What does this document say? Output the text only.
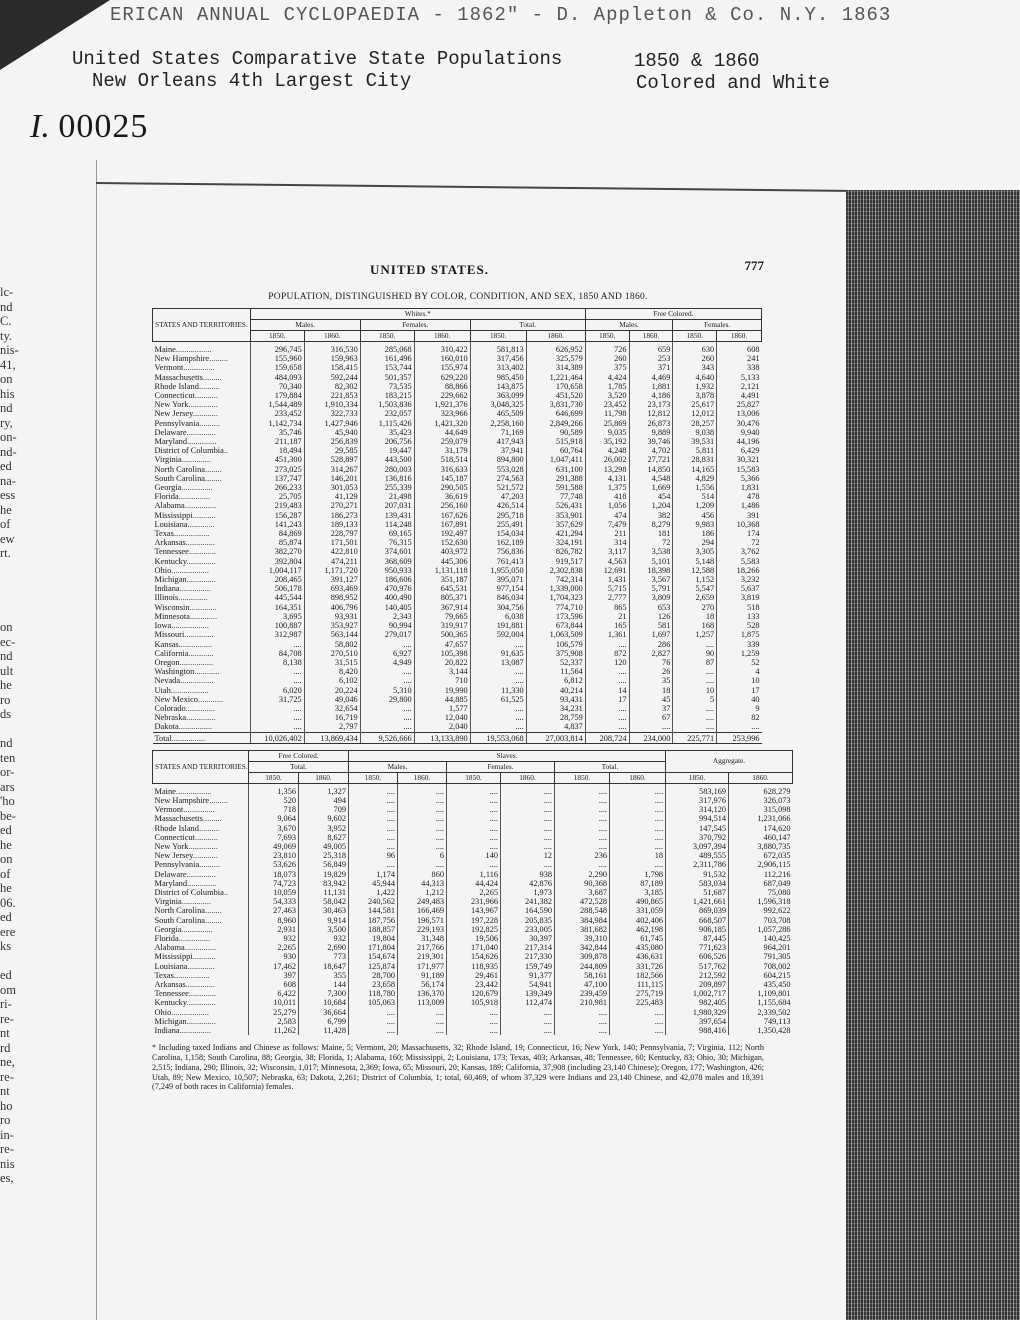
ERICAN ANNUAL CYCLOPAEDIA - 1862" - D. Appleton & Co. N.Y. 1863
United States Comparative State Populations
New Orleans 4th Largest City
1850 & 1860
Colored and White
I. 00025
lc-
nd
C.
ty.
nis-
41,
on
his
nd
ry,
on-
nd-
ed
na-
ess
he
of
ew
rt.
on
ec-
nd
ult
he
ro
ds
nd
ten
or-
ars
'ho
be-
ed
he
on
of
he
06.
ed
ere
ks
ed
om
ri-
re-
nt
rd
ne,
re-
nt
ho
ro
in-
re-
nis
es,
UNITED STATES.	777
POPULATION, DISTINGUISHED BY COLOR, CONDITION, AND SEX, 1850 AND 1860.
STATES AND TERRITORIES.	Whites.*						Free Colored.			
	Males.		Females.		Total.		Males.		Females.	
	1850.	1860.	1850.	1860.	1850.	1860.	1850.	1860.	1850.	1860.
Maine.................	296,745	316,530	285,068	310,422	581,813	626,952	726	659	630	608
New Hampshire.........	155,960	159,963	161,496	160,010	317,456	325,579	260	253	260	241
Vermont...............	159,658	158,415	153,744	155,974	313,402	314,389	375	371	343	338
Massachusetts.........	484,093	592,244	501,357	629,220	985,450	1,221,464	4,424	4,469	4,640	5,133
Rhode Island..........	70,340	82,302	73,535	88,866	143,875	170,658	1,785	1,881	1,932	2,121
Connecticut...........	179,884	221,853	183,215	229,662	363,099	451,520	3,520	4,186	3,878	4,491
New York..............	1,544,489	1,910,334	1,503,836	1,921,376	3,048,325	3,831,730	23,452	23,173	25,617	25,827
New Jersey............	233,452	322,733	232,057	323,966	465,509	646,699	11,798	12,812	12,012	13,006
Pennsylvania..........	1,142,734	1,427,946	1,115,426	1,421,320	2,258,160	2,849,266	25,869	26,873	28,257	30,476
Delaware..............	35,746	45,940	35,423	44,649	71,169	90,589	9,035	9,889	9,038	9,940
Maryland..............	211,187	256,839	206,756	259,079	417,943	515,918	35,192	39,746	39,531	44,196
District of Columbia..	18,494	29,585	19,447	31,179	37,941	60,764	4,248	4,702	5,811	6,429
Virginia..............	451,300	528,897	443,500	518,514	894,800	1,047,411	26,002	27,721	28,831	30,321
North Carolina........	273,025	314,267	280,003	316,633	553,028	631,100	13,298	14,850	14,165	15,583
South Carolina........	137,747	146,201	136,816	145,187	274,563	291,388	4,131	4,548	4,829	5,366
Georgia...............	266,233	301,053	255,339	290,505	521,572	591,588	1,375	1,669	1,556	1,831
Florida...............	25,705	41,129	21,498	36,619	47,203	77,748	418	454	514	478
Alabama...............	219,483	270,271	207,031	256,160	426,514	526,431	1,056	1,204	1,209	1,486
Mississippi...........	156,287	186,273	139,431	167,626	295,718	353,901	474	382	456	391
Louisiana.............	141,243	189,133	114,248	167,891	255,491	357,629	7,479	8,279	9,983	10,368
Texas.................	84,869	228,797	69,165	192,497	154,034	421,294	211	181	186	174
Arkansas..............	85,874	171,501	76,315	152,630	162,189	324,191	314	72	294	72
Tennessee.............	382,270	422,810	374,601	403,972	756,836	826,782	3,117	3,538	3,305	3,762
Kentucky..............	392,804	474,211	368,609	445,306	761,413	919,517	4,563	5,101	5,148	5,583
Ohio..................	1,004,117	1,171,720	950,933	1,131,118	1,955,050	2,302,838	12,691	18,398	12,588	18,266
Michigan..............	208,465	391,127	186,606	351,187	395,071	742,314	1,431	3,567	1,152	3,232
Indiana...............	506,178	693,469	470,976	645,531	977,154	1,339,000	5,715	5,791	5,547	5,637
Illinois..............	445,544	898,952	400,490	805,371	846,034	1,704,323	2,777	3,809	2,659	3,819
Wisconsin.............	164,351	406,796	140,405	367,914	304,756	774,710	865	653	270	518
Minnesota.............	3,695	93,931	2,343	79,665	6,038	173,596	21	126	18	133
Iowa..................	100,887	353,927	90,994	319,917	191,881	673,844	165	581	168	528
Missouri..............	312,987	563,144	279,017	500,365	592,004	1,063,509	1,361	1,697	1,257	1,875
Kansas................	....	58,802	....	47,657	....	106,579	....	286	....	339
California............	84,708	270,510	6,927	105,398	91,635	375,908	872	2,827	90	1,259
Oregon................	8,138	31,515	4,949	20,822	13,087	52,337	120	76	87	52
Washington............	....	8,420	....	3,144	....	11,564	....	26	....	4
Nevada................	....	6,102	....	710	....	6,812	....	35	....	10
Utah..................	6,020	20,224	5,310	19,990	11,330	40,214	14	18	10	17
New Mexico............	31,725	49,046	29,800	44,885	61,525	93,431	17	45	5	40
Colorado..............	....	32,654	....	1,577	....	34,231	....	37	....	9
Nebraska..............	....	16,719	....	12,040	....	28,759	....	67	....	82
Dakota................	....	2,797	....	2,040	....	4,837	....	....	....	....
Total................	10,026,402	13,869,434	9,526,666	13,133,890	19,553,068	27,003,814	208,724	234,000	225,771	253,996
STATES AND TERRITORIES.	Free Colored.		Slaves.						Aggregate.	
	Total.		Males.		Females.		Total.			
	1850.	1860.	1850.	1860.	1850.	1860.	1850.	1860.	1850.	1860.
Maine.................	1,356	1,327	....	....	....	....	....	....	583,169	628,279
New Hampshire.........	520	494	....	....	....	....	....	....	317,976	326,073
Vermont...............	718	709	....	....	....	....	....	....	314,120	315,098
Massachusetts.........	9,064	9,602	....	....	....	....	....	....	994,514	1,231,066
Rhode Island..........	3,670	3,952	....	....	....	....	....	....	147,545	174,620
Connecticut...........	7,693	8,627	....	....	....	....	....	....	370,792	460,147
New York..............	49,069	49,005	....	....	....	....	....	....	3,097,394	3,880,735
New Jersey............	23,810	25,318	96	6	140	12	236	18	489,555	672,035
Pennsylvania..........	53,626	56,849	....	....	....	....	....	....	2,311,786	2,906,115
Delaware..............	18,073	19,829	1,174	860	1,116	938	2,290	1,798	91,532	112,216
Maryland..............	74,723	83,942	45,944	44,313	44,424	42,876	90,368	87,189	583,034	687,049
District of Columbia..	10,059	11,131	1,422	1,212	2,265	1,973	3,687	3,185	51,687	75,080
Virginia..............	54,333	58,042	240,562	249,483	231,966	241,382	472,528	490,865	1,421,661	1,596,318
North Carolina........	27,463	30,463	144,581	166,469	143,967	164,590	288,548	331,059	869,039	992,622
South Carolina........	8,960	9,914	187,756	196,571	197,228	205,835	384,984	402,406	668,507	703,708
Georgia...............	2,931	3,500	188,857	229,193	192,825	233,005	381,682	462,198	906,185	1,057,286
Florida...............	932	932	19,804	31,348	19,506	30,397	39,310	61,745	87,445	140,425
Alabama...............	2,265	2,690	171,804	217,766	171,040	217,314	342,844	435,080	771,623	964,201
Mississippi...........	930	773	154,674	219,301	154,626	217,330	309,878	436,631	606,526	791,305
Louisiana.............	17,462	18,647	125,874	171,977	118,935	159,749	244,809	331,726	517,762	708,002
Texas.................	397	355	28,700	91,189	29,461	91,377	58,161	182,566	212,592	604,215
Arkansas..............	608	144	23,658	56,174	23,442	54,941	47,100	111,115	209,897	435,450
Tennessee.............	6,422	7,300	118,780	136,370	120,679	139,349	239,459	275,719	1,002,717	1,109,801
Kentucky..............	10,011	10,684	105,063	113,009	105,918	112,474	210,981	225,483	982,405	1,155,684
Ohio..................	25,279	36,664	....	....	....	....	....	....	1,980,329	2,339,502
Michigan..............	2,583	6,799	....	....	....	....	....	....	397,654	749,113
Indiana...............	11,262	11,428	....	....	....	....	....	....	988,416	1,350,428

* Including taxed Indians and Chinese as follows: Maine, 5; Vermont, 20; Massachusetts, 32; Rhode Island, 19; Connecticut, 16; New York, 140; Pennsylvania, 7; Virginia, 112; North Carolina, 1,158; South Carolina, 88; Georgia, 38; Florida, 1; Alabama, 160; Mississippi, 2; Louisiana, 173; Texas, 403; Arkansas, 48; Tennessee, 60; Kentucky, 83; Ohio, 30; Michigan, 2,515; Indiana, 290; Illinois, 32; Wisconsin, 1,017; Minnesota, 2,369; Iowa, 65; Missouri, 20; Kansas, 189; California, 37,908 (including 23,140 Chinese); Oregon, 177; Washington, 426; Utah, 89; New Mexico, 10,507; Nebraska, 63; Dakota, 2,261; District of Columbia, 1; total, 60,469, of whom 37,329 were Indians and 23,140 Chinese, and 42,078 males and 18,391 (7,249 of both races in California) females.
